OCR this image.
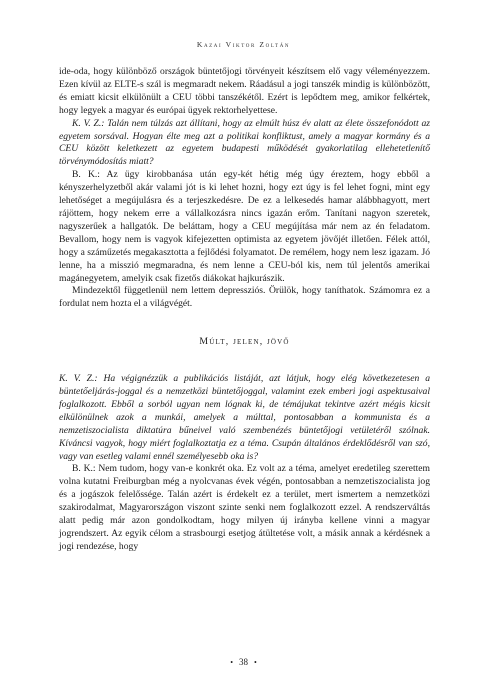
Kazai Viktor Zoltán

ide-oda, hogy különböző országok büntetőjogi törvényeit készítsem elő vagy véleményezzem. Ezen kívül az ELTE-s szál is megmaradt nekem. Ráadásul a jogi tanszék mindig is különbözött, és emiatt kicsit elkülönült a CEU többi tanszékétől. Ezért is lepődtem meg, amikor felkértek, hogy legyek a magyar és európai ügyek rektorhelyettese.

K. V. Z.: Talán nem túlzás azt állítani, hogy az elmúlt húsz év alatt az élete összefonódott az egyetem sorsával. Hogyan élte meg azt a politikai konfliktust, amely a magyar kormány és a CEU között keletkezett az egyetem budapesti működését gyakorlatilag ellehetetlenítő törvénymódosítás miatt?

B. K.: Az ügy kirobbanása után egy-két hétig még úgy éreztem, hogy ebből a kényszerhelyzetből akár valami jót is ki lehet hozni, hogy ezt úgy is fel lehet fogni, mint egy lehetőséget a megújulásra és a terjeszkedésre. De ez a lelkesedés hamar alábbhagyott, mert rájöttem, hogy nekem erre a vállalkozásra nincs igazán erőm. Tanítani nagyon szeretek, nagyszerűek a hallgatók. De beláttam, hogy a CEU megújítása már nem az én feladatom. Bevallom, hogy nem is vagyok kifejezetten optimista az egyetem jövőjét illetően. Félek attól, hogy a száműzetés megakasztotta a fejlődési folyamatot. De remélem, hogy nem lesz igazam. Jó lenne, ha a misszió megmaradna, és nem lenne a CEU-ból kis, nem túl jelentős amerikai magánegyetem, amelyik csak fizetős diákokat hajkurászik.

Mindezektől függetlenül nem lettem depressziós. Örülök, hogy taníthatok. Számomra ez a fordulat nem hozta el a világvégét.

Múlt, jelen, jövő

K. V. Z.: Ha végignézzük a publikációs listáját, azt látjuk, hogy elég következetesen a büntetőeljárás-joggal és a nemzetközi büntetőjoggal, valamint ezek emberi jogi aspektusaival foglalkozott. Ebből a sorból ugyan nem lógnak ki, de témájukat tekintve azért mégis kicsit elkülönülnek azok a munkái, amelyek a múlttal, pontosabban a kommunista és a nemzetiszocialista diktatúra bűneivel való szembenézés büntetőjogi vetületéről szólnak. Kíváncsi vagyok, hogy miért foglalkoztatja ez a téma. Csupán általános érdeklődésről van szó, vagy van esetleg valami ennél személyesebb oka is?

B. K.: Nem tudom, hogy van-e konkrét oka. Ez volt az a téma, amelyet eredetileg szerettem volna kutatni Freiburgban még a nyolcvanas évek végén, pontosabban a nemzetiszocialista jog és a jogászok felelőssége. Talán azért is érdekelt ez a terület, mert ismertem a nemzetközi szakirodalmat, Magyarországon viszont szinte senki nem foglalkozott ezzel. A rendszerváltás alatt pedig már azon gondolkodtam, hogy milyen új irányba kellene vinni a magyar jogrendszert. Az egyik célom a strasbourgi esetjog átültetése volt, a másik annak a kérdésnek a jogi rendezése, hogy

• 38 •
